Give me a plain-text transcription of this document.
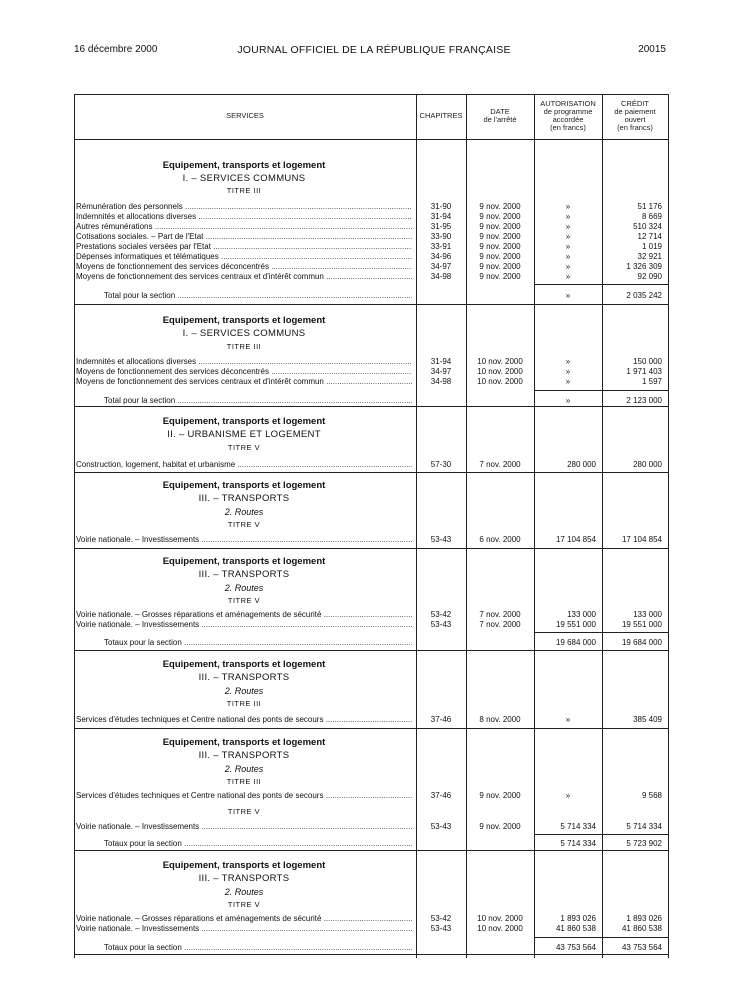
16 décembre 2000	JOURNAL OFFICIEL DE LA RÉPUBLIQUE FRANÇAISE	20015
SERVICES	CHAPITRES	DATE
de l'arrêté
AUTORISATION
de programme
accordée
(en francs)
CRÉDIT
de paiement
ouvert
(en francs)
Equipement, transports et logement
I. – SERVICES COMMUNS
TITRE III
Rémunération des personnels .....	31-90	9 nov. 2000	»	51 176
Indemnités et allocations diverses .....	31-94	9 nov. 2000	»	8 669
Autres rémunérations .....	31-95	9 nov. 2000	»	510 324
Cotisations sociales. – Part de l'Etat .....	33-90	9 nov. 2000	»	12 714
Prestations sociales versées par l'Etat .....	33-91	9 nov. 2000	»	1 019
Dépenses informatiques et télématiques .....	34-96	9 nov. 2000	»	32 921
Moyens de fonctionnement des services déconcentrés .....	34-97	9 nov. 2000	»	1 326 309
Moyens de fonctionnement des services centraux et d'intérêt commun .....	34-98	9 nov. 2000	»	92 090
Total pour la section .....	»	2 035 242
Equipement, transports et logement
I. – SERVICES COMMUNS
TITRE III
Indemnités et allocations diverses .....	31-94	10 nov. 2000	»	150 000
Moyens de fonctionnement des services déconcentrés .....	34-97	10 nov. 2000	»	1 971 403
Moyens de fonctionnement des services centraux et d'intérêt commun .....	34-98	10 nov. 2000	»	1 597
Total pour la section .....	»	2 123 000
Equipement, transports et logement
II. – URBANISME ET LOGEMENT
TITRE V
Construction, logement, habitat et urbanisme .....	57-30	7 nov. 2000	280 000	280 000
Equipement, transports et logement
III. – TRANSPORTS
2. Routes
TITRE V
Voirie nationale. – Investissements .....	53-43	6 nov. 2000	17 104 854	17 104 854
Equipement, transports et logement
III. – TRANSPORTS
2. Routes
TITRE V
Voirie nationale. – Grosses réparations et aménagements de sécurité .....	53-42	7 nov. 2000	133 000	133 000
Voirie nationale. – Investissements .....	53-43	7 nov. 2000	19 551 000	19 551 000
Totaux pour la section .....	19 684 000	19 684 000
Equipement, transports et logement
III. – TRANSPORTS
2. Routes
TITRE III
Services d'études techniques et Centre national des ponts de secours .....	37-46	8 nov. 2000	»	385 409
Equipement, transports et logement
III. – TRANSPORTS
2. Routes
TITRE III
Services d'études techniques et Centre national des ponts de secours .....	37-46	9 nov. 2000	»	9 568
TITRE V
Voirie nationale. – Investissements .....	53-43	9 nov. 2000	5 714 334	5 714 334
Totaux pour la section .....	5 714 334	5 723 902
Equipement, transports et logement
III. – TRANSPORTS
2. Routes
TITRE V
Voirie nationale. – Grosses réparations et aménagements de sécurité .....	53-42	10 nov. 2000	1 893 026	1 893 026
Voirie nationale. – Investissements .....	53-43	10 nov. 2000	41 860 538	41 860 538
Totaux pour la section .....	43 753 564	43 753 564
